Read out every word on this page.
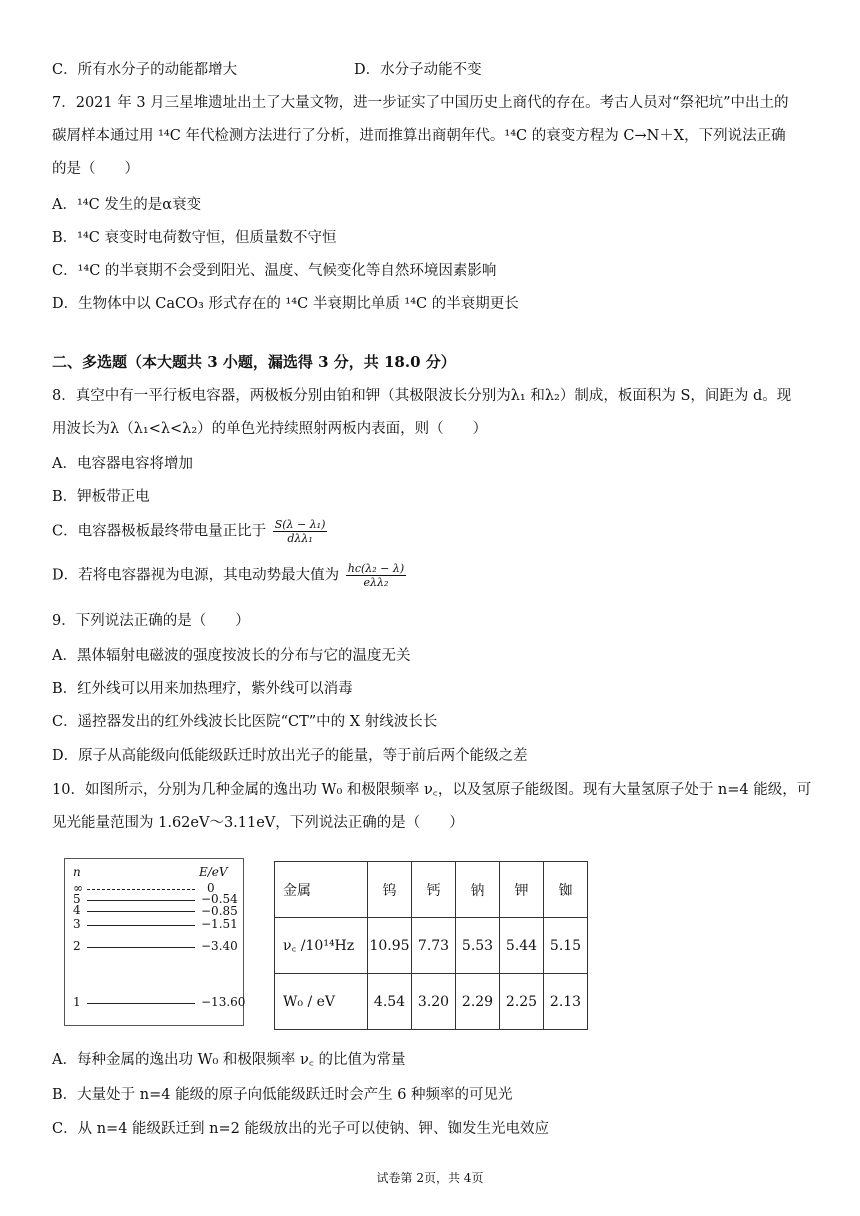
C．所有水分子的动能都增大	D．水分子动能不变
7．2021 年 3 月三星堆遗址出土了大量文物，进一步证实了中国历史上商代的存在。考古人员对“祭祀坑”中出土的
碳屑样本通过用 ¹⁴C 年代检测方法进行了分析，进而推算出商朝年代。¹⁴C 的衰变方程为 C→N＋X，下列说法正确
的是（　　）
A．¹⁴C 发生的是α衰变
B．¹⁴C 衰变时电荷数守恒，但质量数不守恒
C．¹⁴C 的半衰期不会受到阳光、温度、气候变化等自然环境因素影响
D．生物体中以 CaCO₃ 形式存在的 ¹⁴C 半衰期比单质 ¹⁴C 的半衰期更长
二、多选题（本大题共 3 小题，漏选得 3 分，共 18.0 分）
8．真空中有一平行板电容器，两极板分别由铂和钾（其极限波长分别为λ₁ 和λ₂）制成，板面积为 S，间距为 d。现
用波长为λ（λ₁<λ<λ₂）的单色光持续照射两板内表面，则（　　）
A．电容器电容将增加
B．钾板带正电
C．电容器极板最终带电量正比于 $\frac{\text{S(λ − λ₁)}}{\text{dλλ₁}}$
D．若将电容器视为电源，其电动势最大值为 $\frac{\text{hc(λ₂ − λ)}}{\text{eλλ₂}}$
9．下列说法正确的是（　　）
A．黑体辐射电磁波的强度按波长的分布与它的温度无关
B．红外线可以用来加热理疗，紫外线可以消毒
C．遥控器发出的红外线波长比医院“CT”中的 X 射线波长长
D．原子从高能级向低能级跃迁时放出光子的能量，等于前后两个能级之差
10．如图所示，分别为几种金属的逸出功 W₀ 和极限频率 ν꜀，以及氢原子能级图。现有大量氢原子处于 n=4 能级，可
见光能量范围为 1.62eV～3.11eV，下列说法正确的是（　　）
n	E/eV
∞	0
5	−0.54
4	−0.85
3	−1.51
2	−3.40
1	−13.60
金属	钨	钙	钠	钾	铷
ν꜀ /10¹⁴Hz	10.95	7.73	5.53	5.44	5.15
W₀ / eV	4.54	3.20	2.29	2.25	2.13
A．每种金属的逸出功 W₀ 和极限频率 ν꜀ 的比值为常量
B．大量处于 n=4 能级的原子向低能级跃迁时会产生 6 种频率的可见光
C．从 n=4 能级跃迁到 n=2 能级放出的光子可以使钠、钾、铷发生光电效应
试卷第 2页，共 4页
